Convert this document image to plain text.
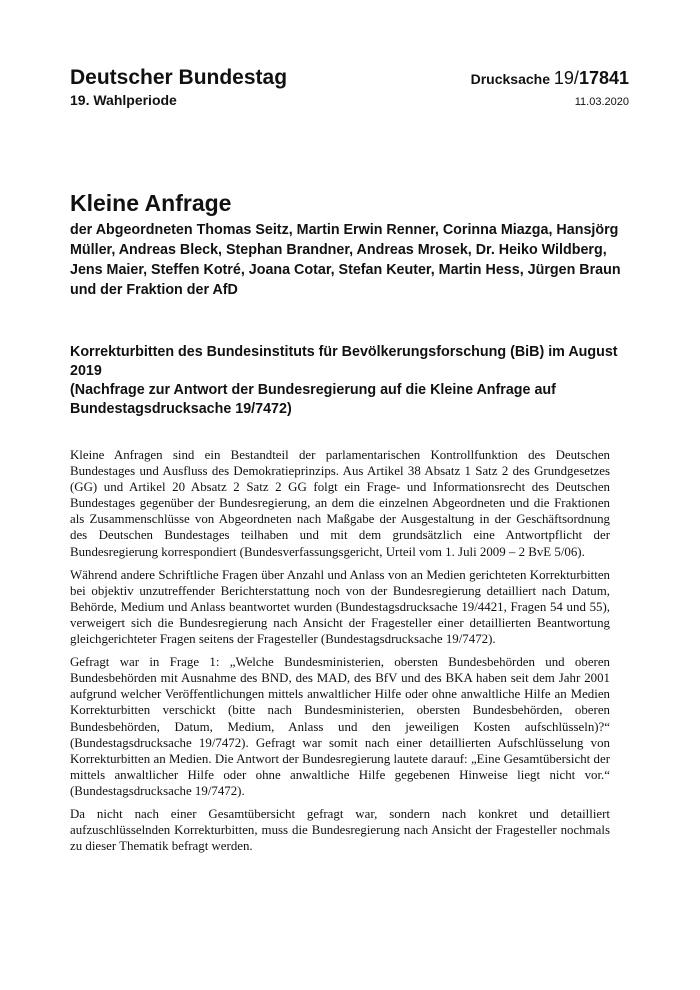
Deutscher Bundestag	Drucksache 19/17841
19. Wahlperiode	11.03.2020
Kleine Anfrage
der Abgeordneten Thomas Seitz, Martin Erwin Renner, Corinna Miazga, Hansjörg Müller, Andreas Bleck, Stephan Brandner, Andreas Mrosek, Dr. Heiko Wildberg, Jens Maier, Steffen Kotré, Joana Cotar, Stefan Keuter, Martin Hess, Jürgen Braun und der Fraktion der AfD
Korrekturbitten des Bundesinstituts für Bevölkerungsforschung (BiB) im August 2019
(Nachfrage zur Antwort der Bundesregierung auf die Kleine Anfrage auf Bundestagsdrucksache 19/7472)

Kleine Anfragen sind ein Bestandteil der parlamentarischen Kontrollfunktion des Deutschen Bundestages und Ausfluss des Demokratieprinzips. Aus Artikel 38 Absatz 1 Satz 2 des Grundgesetzes (GG) und Artikel 20 Absatz 2 Satz 2 GG folgt ein Frage- und Informationsrecht des Deutschen Bundestages gegenüber der Bundesregierung, an dem die einzelnen Abgeordneten und die Fraktionen als Zusammenschlüsse von Abgeordneten nach Maßgabe der Ausgestaltung in der Geschäftsordnung des Deutschen Bundestages teilhaben und mit dem grundsätzlich eine Antwortpflicht der Bundesregierung korrespondiert (Bundesverfassungsgericht, Urteil vom 1. Juli 2009 – 2 BvE 5/06).

Während andere Schriftliche Fragen über Anzahl und Anlass von an Medien gerichteten Korrekturbitten bei objektiv unzutreffender Berichterstattung noch von der Bundesregierung detailliert nach Datum, Behörde, Medium und Anlass beantwortet wurden (Bundestagsdrucksache 19/4421, Fragen 54 und 55), verweigert sich die Bundesregierung nach Ansicht der Fragesteller einer detaillierten Beantwortung gleichgerichteter Fragen seitens der Fragesteller (Bundestagsdrucksache 19/7472).

Gefragt war in Frage 1: „Welche Bundesministerien, obersten Bundesbehörden und oberen Bundesbehörden mit Ausnahme des BND, des MAD, des BfV und des BKA haben seit dem Jahr 2001 aufgrund welcher Veröffentlichungen mittels anwaltlicher Hilfe oder ohne anwaltliche Hilfe an Medien Korrekturbitten verschickt (bitte nach Bundesministerien, obersten Bundesbehörden, oberen Bundesbehörden, Datum, Medium, Anlass und den jeweiligen Kosten aufschlüsseln)?“ (Bundestagsdrucksache 19/7472). Gefragt war somit nach einer detaillierten Aufschlüsselung von Korrekturbitten an Medien. Die Antwort der Bundesregierung lautete darauf: „Eine Gesamtübersicht der mittels anwaltlicher Hilfe oder ohne anwaltliche Hilfe gegebenen Hinweise liegt nicht vor.“ (Bundestagsdrucksache 19/7472).

Da nicht nach einer Gesamtübersicht gefragt war, sondern nach konkret und detailliert aufzuschlüsselnden Korrekturbitten, muss die Bundesregierung nach Ansicht der Fragesteller nochmals zu dieser Thematik befragt werden.
